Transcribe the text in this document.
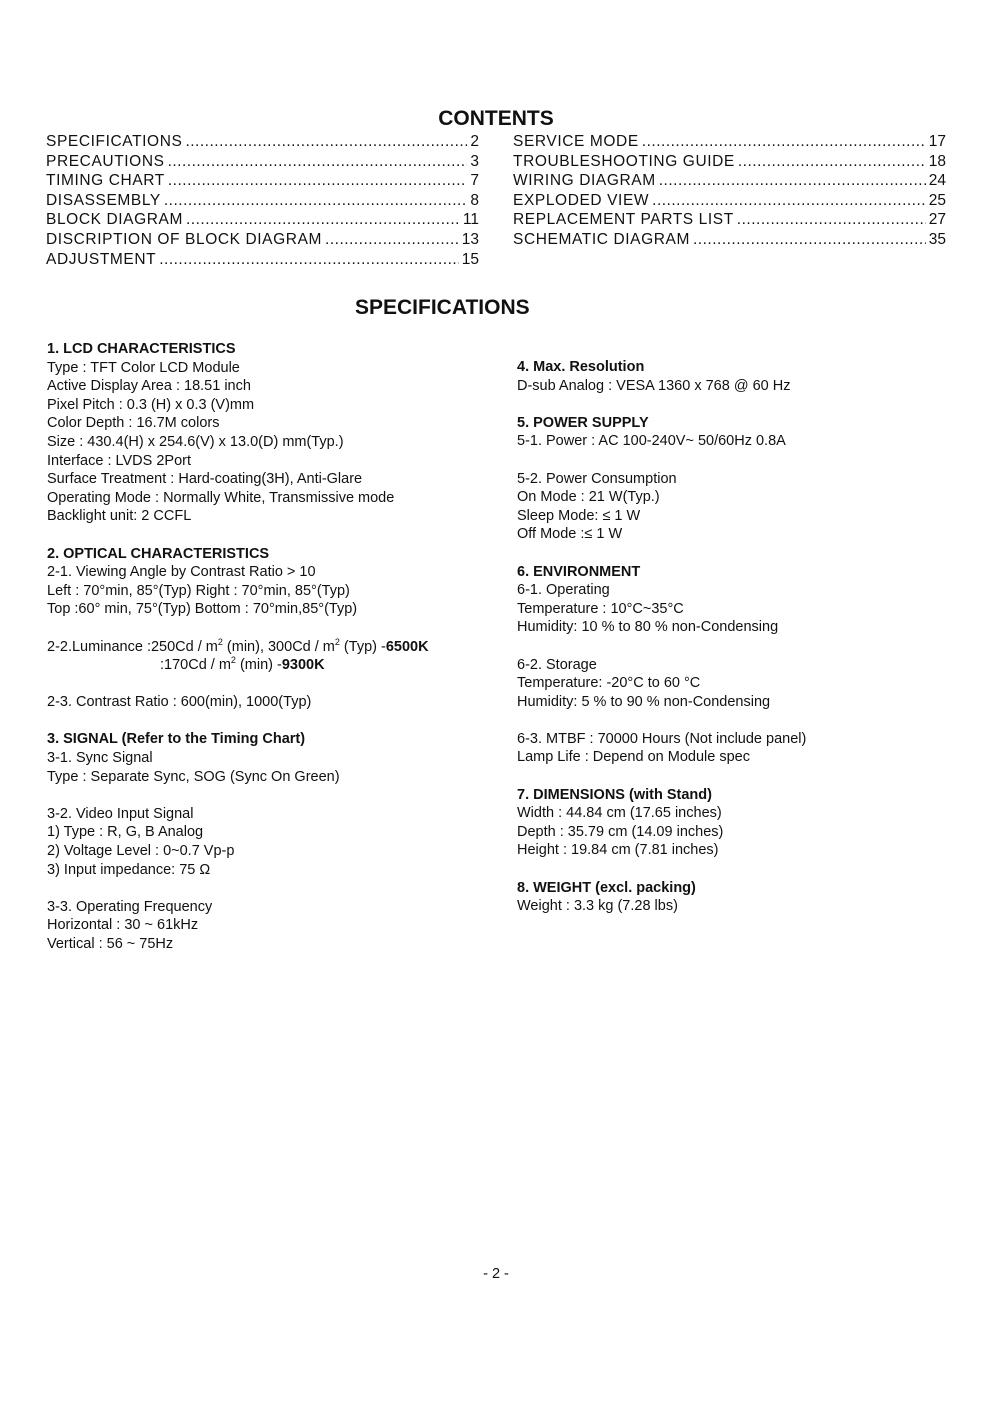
CONTENTS
SPECIFICATIONS .....	2
PRECAUTIONS .....	3
TIMING CHART .....	7
DISASSEMBLY .....	8
BLOCK DIAGRAM .....	11
DISCRIPTION OF BLOCK DIAGRAM .....	13
ADJUSTMENT .....	15
SERVICE MODE .....	17
TROUBLESHOOTING GUIDE .....	18
WIRING DIAGRAM .....	24
EXPLODED VIEW .....	25
REPLACEMENT PARTS LIST .....	27
SCHEMATIC DIAGRAM .....	35
SPECIFICATIONS
1. LCD CHARACTERISTICS
Type : TFT Color LCD Module
Active Display Area : 18.51 inch
Pixel Pitch : 0.3 (H) x 0.3 (V)mm
Color Depth : 16.7M colors
Size : 430.4(H) x 254.6(V) x 13.0(D) mm(Typ.)
Interface : LVDS 2Port
Surface Treatment : Hard-coating(3H), Anti-Glare
Operating Mode : Normally White, Transmissive mode
Backlight unit: 2 CCFL
2. OPTICAL CHARACTERISTICS
2-1. Viewing Angle by Contrast Ratio > 10
Left : 70°min, 85°(Typ) Right : 70°min, 85°(Typ)
Top :60° min, 75°(Typ) Bottom : 70°min,85°(Typ)
2-2.Luminance :250Cd / $m^2$ (min), $300Cd / m^2$ (Typ) -6500K
:170Cd / $m^2$ (min) -9300K
2-3. Contrast Ratio : 600(min), 1000(Typ)
3. SIGNAL (Refer to the Timing Chart)
3-1. Sync Signal
Type : Separate Sync, SOG (Sync On Green)
3-2. Video Input Signal
1) Type : R, G, B Analog
2) Voltage Level : 0~0.7 Vp-p
3) Input impedance: 75 Ω
3-3. Operating Frequency
Horizontal : 30 ~ 61kHz
Vertical : 56 ~ 75Hz
4. Max. Resolution
D-sub Analog : VESA 1360 x 768 @ 60 Hz
5. POWER SUPPLY
5-1. Power : AC 100-240V~ 50/60Hz 0.8A
5-2. Power Consumption
On Mode : 21 W(Typ.)
Sleep Mode: ≤ 1 W
Off Mode :≤ 1 W
6. ENVIRONMENT
6-1. Operating
Temperature : 10°C~35°C
Humidity: 10 % to 80 % non-Condensing
6-2. Storage
Temperature: -20°C to 60 °C
Humidity: 5 % to 90 % non-Condensing
6-3. MTBF : 70000 Hours (Not include panel)
Lamp Life : Depend on Module spec
7. DIMENSIONS (with Stand)
Width : 44.84 cm (17.65 inches)
Depth : 35.79 cm (14.09 inches)
Height : 19.84 cm (7.81 inches)
8. WEIGHT (excl. packing)
Weight : 3.3 kg (7.28 lbs)
- 2 -
